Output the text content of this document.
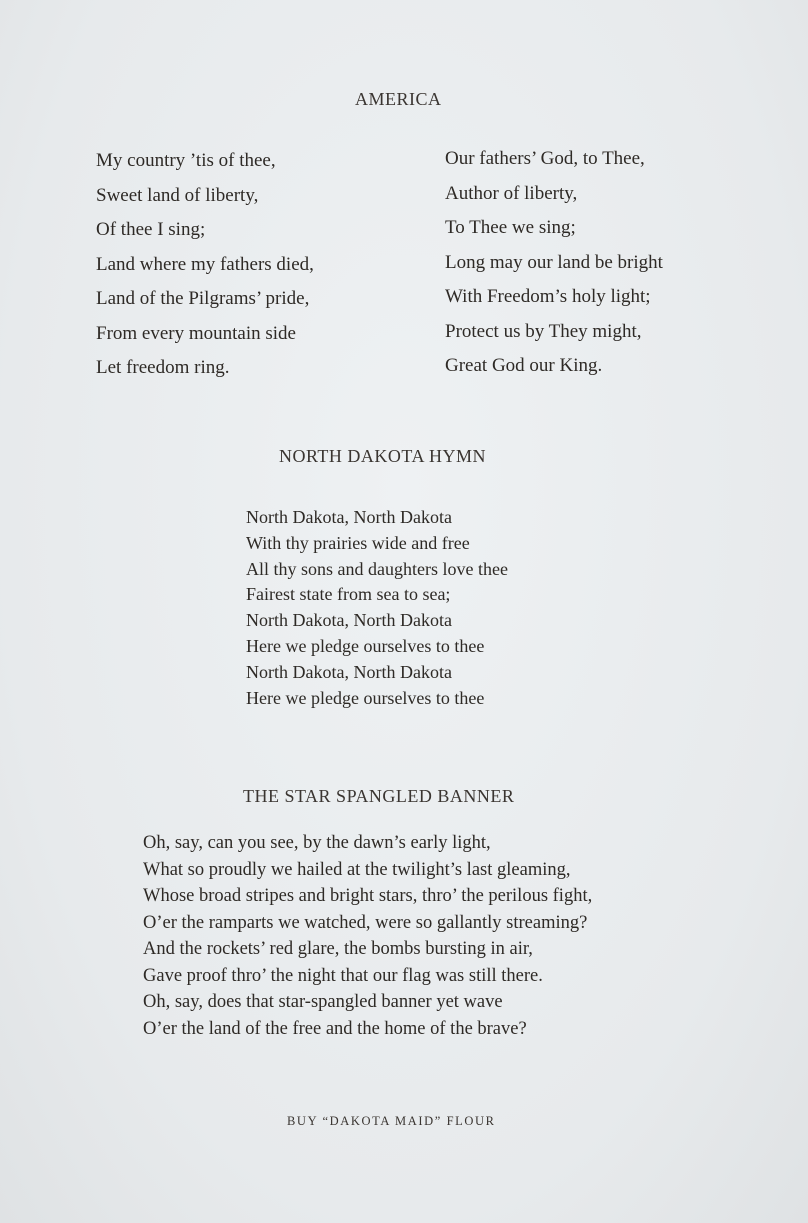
AMERICA
My country ’tis of thee,
Sweet land of liberty,
Of thee I sing;
Land where my fathers died,
Land of the Pilgrams’ pride,
From every mountain side
Let freedom ring.
Our fathers’ God, to Thee,
Author of liberty,
To Thee we sing;
Long may our land be bright
With Freedom’s holy light;
Protect us by They might,
Great God our King.
NORTH DAKOTA HYMN
North Dakota, North Dakota
With thy prairies wide and free
All thy sons and daughters love thee
Fairest state from sea to sea;
North Dakota, North Dakota
Here we pledge ourselves to thee
North Dakota, North Dakota
Here we pledge ourselves to thee
THE STAR SPANGLED BANNER
Oh, say, can you see, by the dawn’s early light,
What so proudly we hailed at the twilight’s last gleaming,
Whose broad stripes and bright stars, thro’ the perilous fight,
O’er the ramparts we watched, were so gallantly streaming?
And the rockets’ red glare, the bombs bursting in air,
Gave proof thro’ the night that our flag was still there.
Oh, say, does that star-spangled banner yet wave
O’er the land of the free and the home of the brave?
BUY “DAKOTA MAID” FLOUR
